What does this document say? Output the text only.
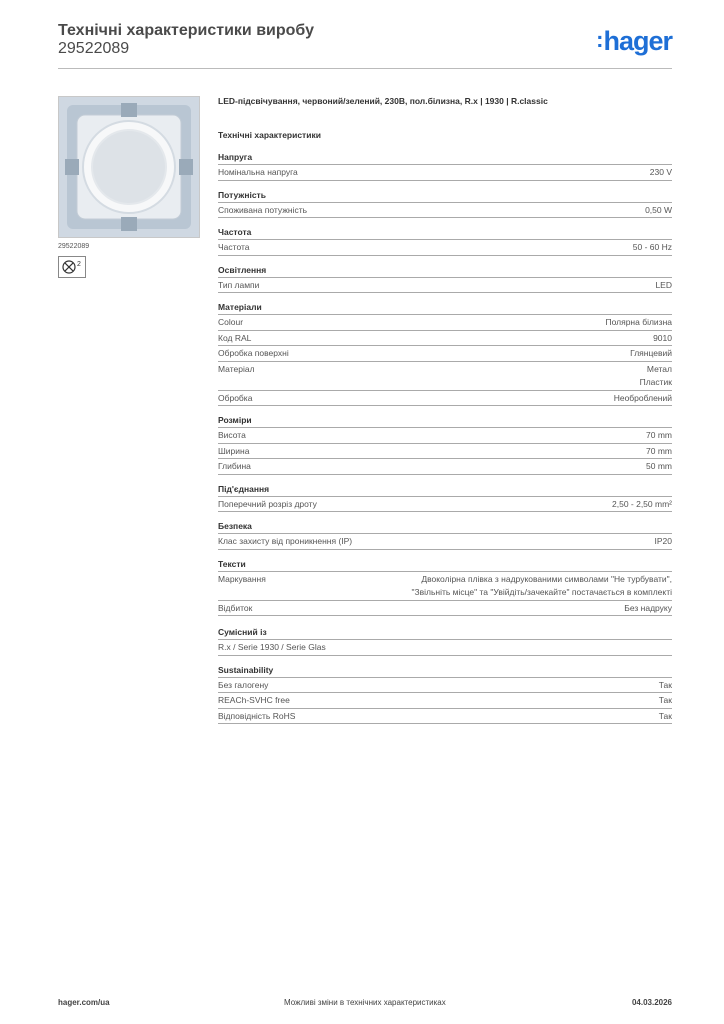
Технічні характеристики виробу
29522089	:hager
29522089
2
LED-підсвічування, червоний/зелений, 230В, пол.білизна, R.x | 1930 | R.classic
Технічні характеристики
Напруга
Номінальна напруга	230 V
Потужність
Споживана потужність	0,50 W
Частота
Частота	50 - 60 Hz
Освітлення
Тип лампи	LED
Матеріали
Colour	Полярна білизна
Код RAL	9010
Обробка поверхні	Глянцевий
Матеріал	Метал
Пластик
Обробка	Необроблений
Розміри
Висота	70 mm
Ширина	70 mm
Глибина	50 mm
Під'єднання
Поперечний розріз дроту	2,50 - 2,50 mm²
Безпека
Клас захисту від проникнення (IP)	IP20
Тексти
Маркування	Двоколірна плівка з надрукованими символами "Не турбувати",
"Звільніть місце" та "Увійдіть/зачекайте" постачається в комплекті
Відбиток	Без надруку
Сумісний із
R.x / Serie 1930 / Serie Glas
Sustainability
Без галогену	Так
REACh-SVHC free	Так
Відповідність RoHS	Так
hager.com/ua	Можливі зміни в технічних характеристиках	04.03.2026
